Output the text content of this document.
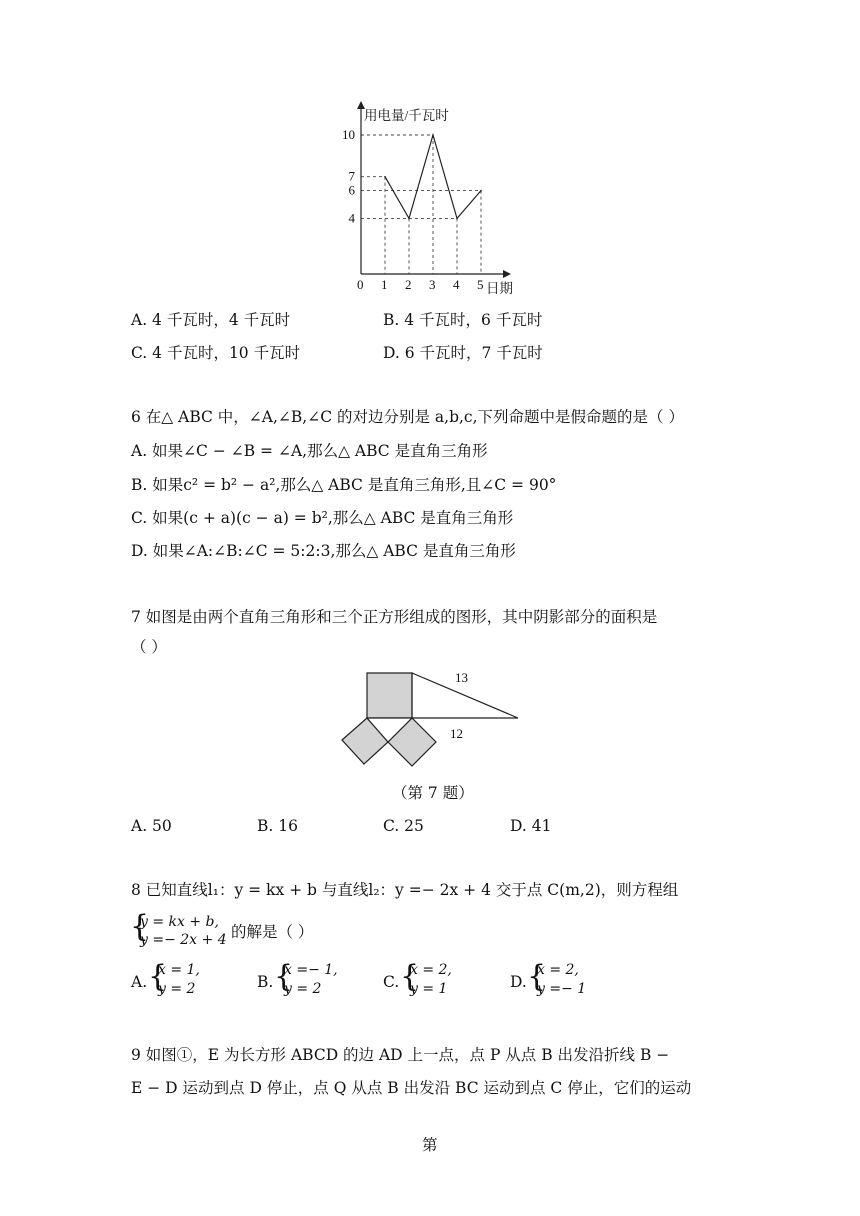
0 1 2 3 4 5
4
6
7
10
用电量/千瓦时
日期
A. 4 千瓦时，4 千瓦时	B. 4 千瓦时，6 千瓦时
C. 4 千瓦时，10 千瓦时	D. 6 千瓦时，7 千瓦时
6 在△ ABC 中，∠A,∠B,∠C 的对边分别是 a,b,c,下列命题中是假命题的是（ ）
A. 如果∠C − ∠B = ∠A,那么△ ABC 是直角三角形
B. 如果c² = b² − a²,那么△ ABC 是直角三角形,且∠C = 90°
C. 如果(c + a)(c − a) = b²,那么△ ABC 是直角三角形
D. 如果∠A:∠B:∠C = 5:2:3,那么△ ABC 是直角三角形
7 如图是由两个直角三角形和三个正方形组成的图形，其中阴影部分的面积是
（ ）
13
12
（第 7 题）
A. 50	B. 16	C. 25	D. 41
8 已知直线l₁：y = kx + b 与直线l₂：y =− 2x + 4 交于点 C(m,2)，则方程组
{
y = kx + b,
y =− 2x + 4 的解是（ ）
A. {
x = 1,
y = 2	B. {
x =− 1,
y = 2	C. {
x = 2,
y = 1	D. {
x = 2,
y =− 1
9 如图①，E 为长方形 ABCD 的边 AD 上一点，点 P 从点 B 出发沿折线 B −
E − D 运动到点 D 停止，点 Q 从点 B 出发沿 BC 运动到点 C 停止，它们的运动
第
